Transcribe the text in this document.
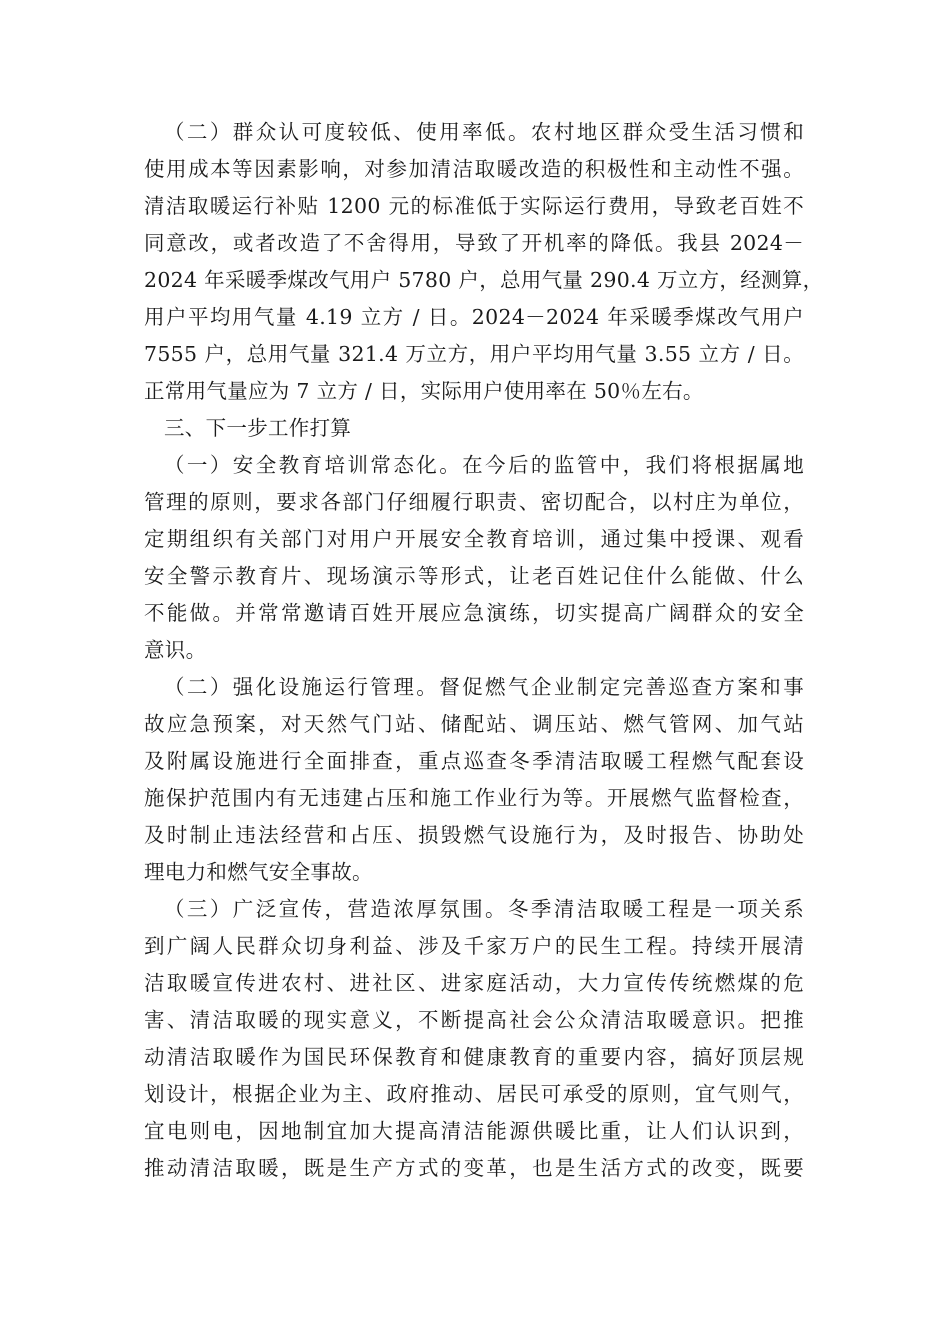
（二）群众认可度较低、使用率低。农村地区群众受生活习惯和
使用成本等因素影响，对参加清洁取暖改造的积极性和主动性不强。
清洁取暖运行补贴 1200 元的标准低于实际运行费用，导致老百姓不
同意改，或者改造了不舍得用，导致了开机率的降低。我县 2024－
2024 年采暖季煤改气用户 5780 户，总用气量 290.4 万立方，经测算，
用户平均用气量 4.19 立方 / 日。2024－2024 年采暖季煤改气用户
7555 户，总用气量 321.4 万立方，用户平均用气量 3.55 立方 / 日。
正常用气量应为 7 立方 / 日，实际用户使用率在 50％左右。
三、下一步工作打算
（一）安全教育培训常态化。在今后的监管中，我们将根据属地
管理的原则，要求各部门仔细履行职责、密切配合，以村庄为单位，
定期组织有关部门对用户开展安全教育培训，通过集中授课、观看
安全警示教育片、现场演示等形式，让老百姓记住什么能做、什么
不能做。并常常邀请百姓开展应急演练，切实提高广阔群众的安全
意识。
（二）强化设施运行管理。督促燃气企业制定完善巡查方案和事
故应急预案，对天然气门站、储配站、调压站、燃气管网、加气站
及附属设施进行全面排查，重点巡查冬季清洁取暖工程燃气配套设
施保护范围内有无违建占压和施工作业行为等。开展燃气监督检查，
及时制止违法经营和占压、损毁燃气设施行为，及时报告、协助处
理电力和燃气安全事故。
（三）广泛宣传，营造浓厚氛围。冬季清洁取暖工程是一项关系
到广阔人民群众切身利益、涉及千家万户的民生工程。持续开展清
洁取暖宣传进农村、进社区、进家庭活动，大力宣传传统燃煤的危
害、清洁取暖的现实意义，不断提高社会公众清洁取暖意识。把推
动清洁取暖作为国民环保教育和健康教育的重要内容，搞好顶层规
划设计，根据企业为主、政府推动、居民可承受的原则，宜气则气，
宜电则电，因地制宜加大提高清洁能源供暖比重，让人们认识到，
推动清洁取暖，既是生产方式的变革，也是生活方式的改变，既要
